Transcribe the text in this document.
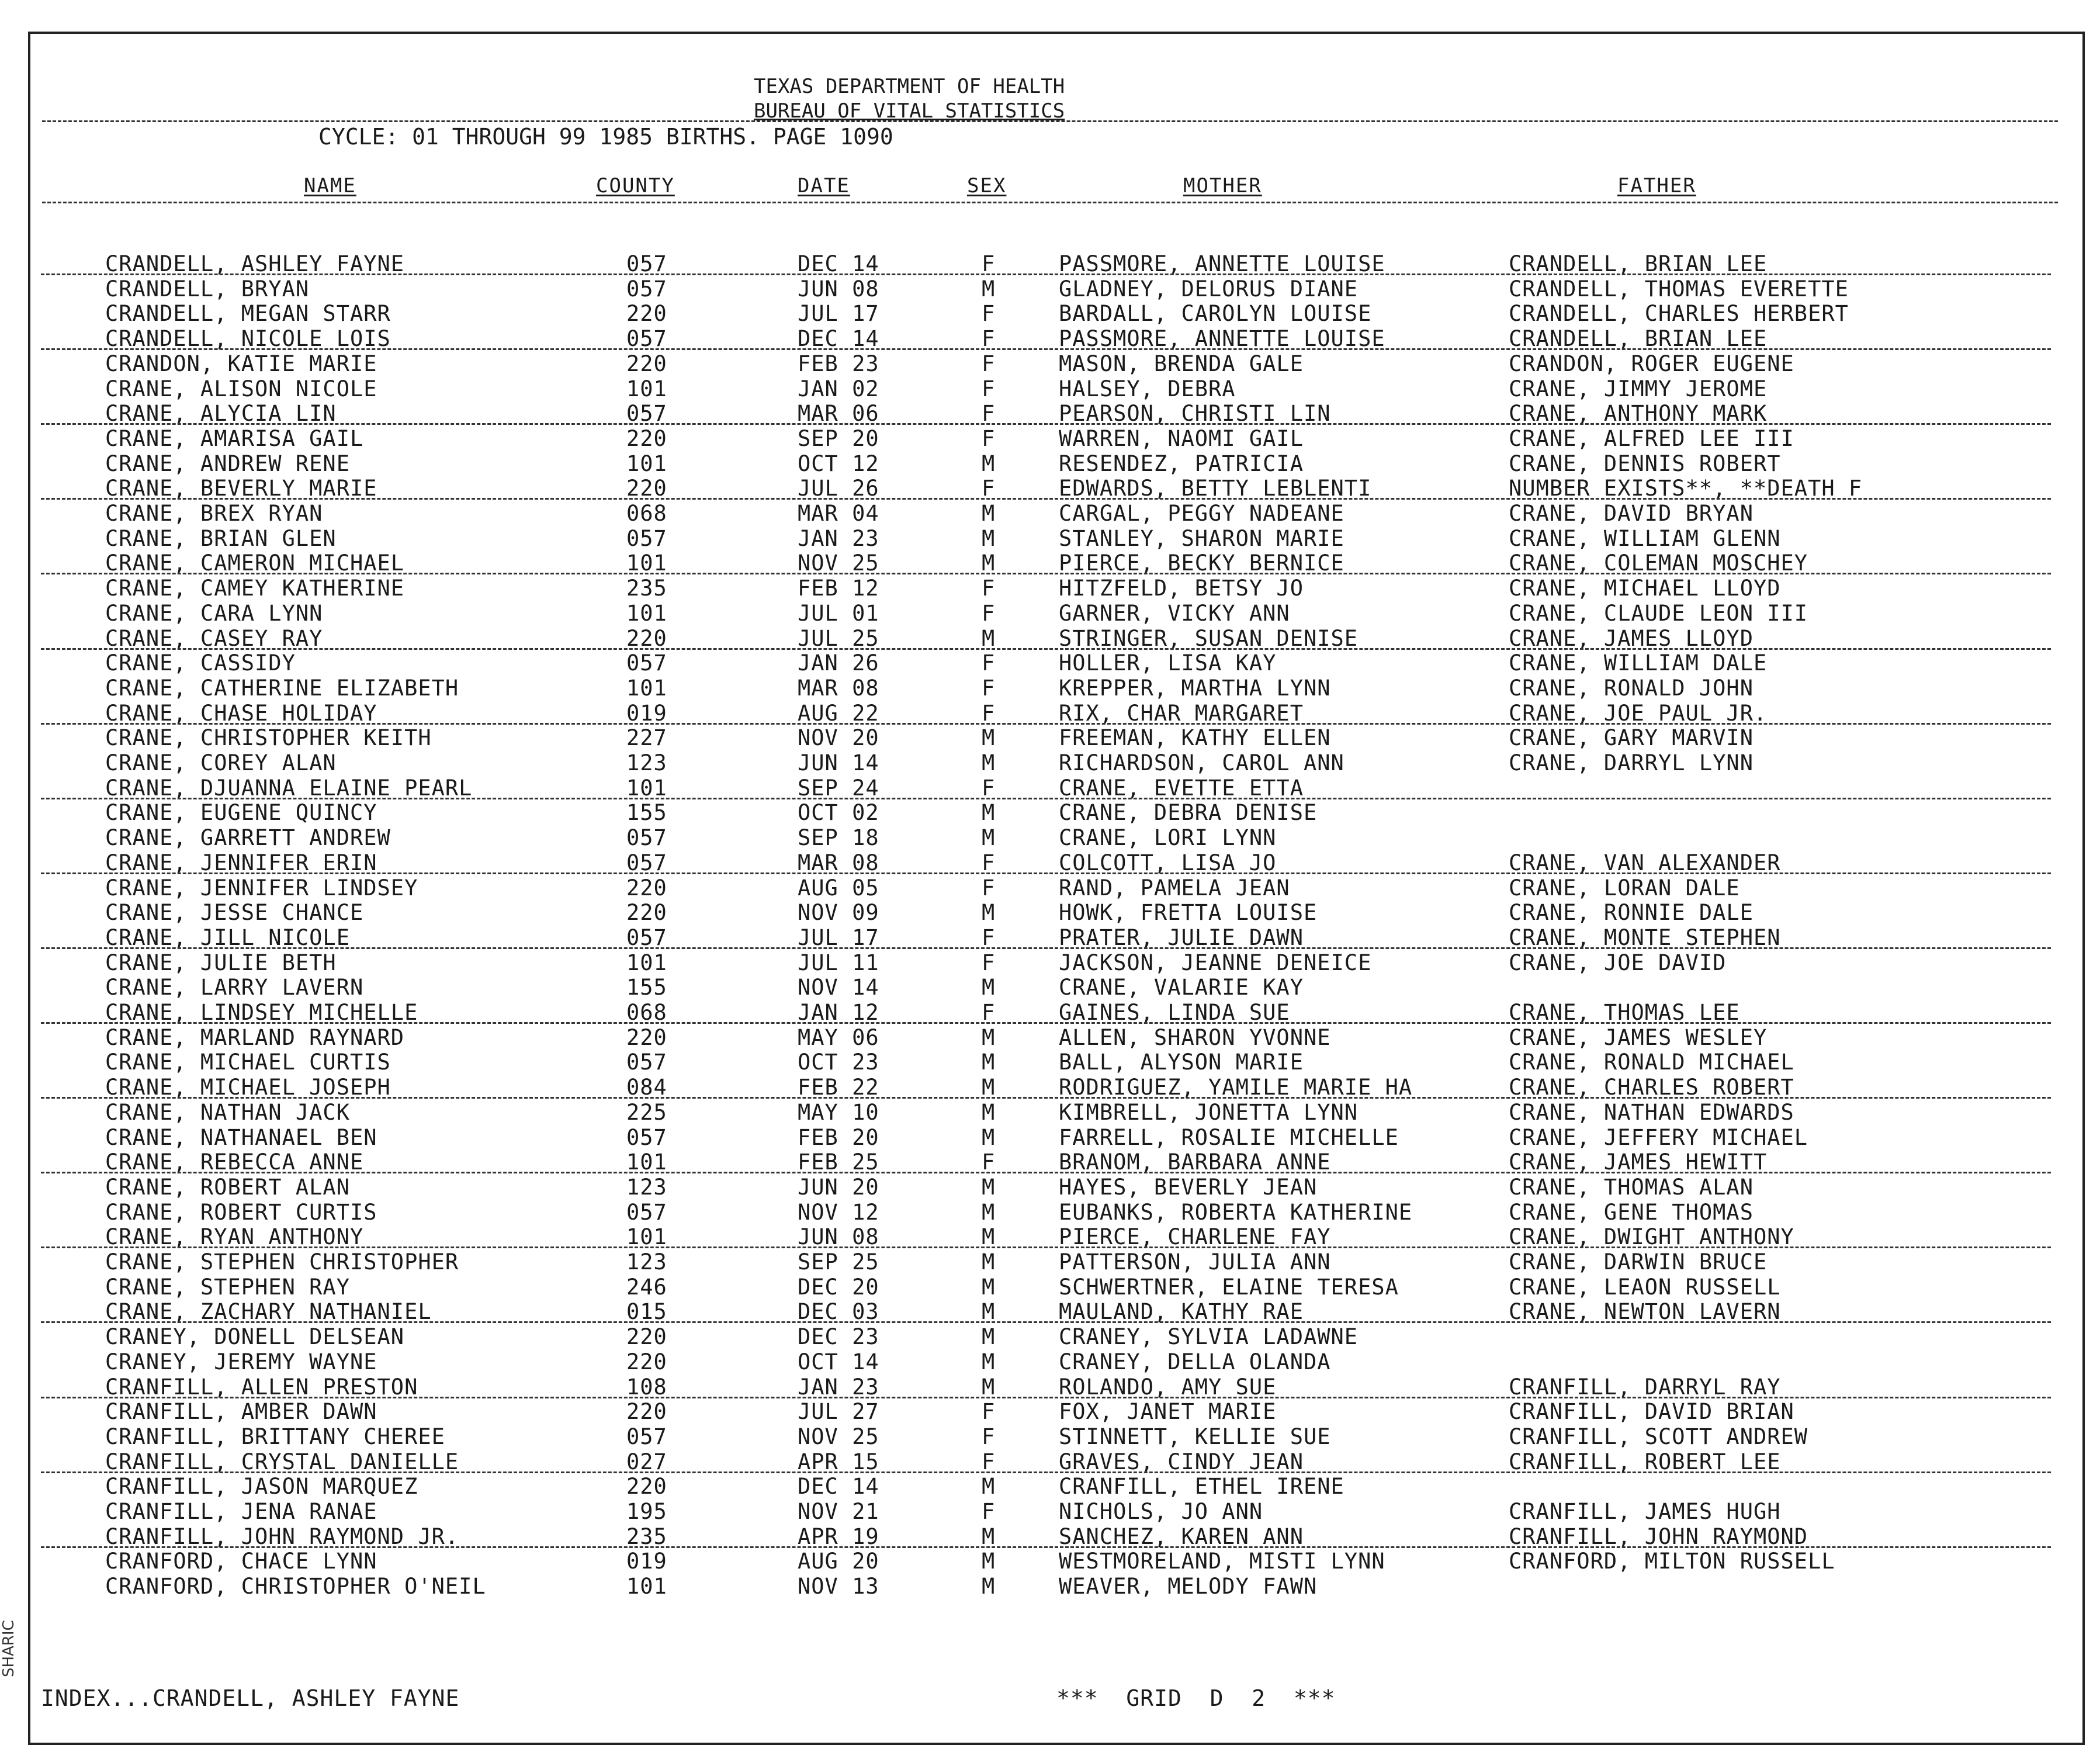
TEXAS DEPARTMENT OF HEALTH
BUREAU OF VITAL STATISTICS
CYCLE: 01 THROUGH 99 1985 BIRTHS. PAGE 1090
NAME	COUNTY	DATE	SEX	MOTHER	FATHER
CRANDELL, ASHLEY FAYNE	057	DEC 14	F	PASSMORE, ANNETTE LOUISE	CRANDELL, BRIAN LEE
CRANDELL, BRYAN	057	JUN 08	M	GLADNEY, DELORUS DIANE	CRANDELL, THOMAS EVERETTE
CRANDELL, MEGAN STARR	220	JUL 17	F	BARDALL, CAROLYN LOUISE	CRANDELL, CHARLES HERBERT
CRANDELL, NICOLE LOIS	057	DEC 14	F	PASSMORE, ANNETTE LOUISE	CRANDELL, BRIAN LEE
CRANDON, KATIE MARIE	220	FEB 23	F	MASON, BRENDA GALE	CRANDON, ROGER EUGENE
CRANE, ALISON NICOLE	101	JAN 02	F	HALSEY, DEBRA	CRANE, JIMMY JEROME
CRANE, ALYCIA LIN	057	MAR 06	F	PEARSON, CHRISTI LIN	CRANE, ANTHONY MARK
CRANE, AMARISA GAIL	220	SEP 20	F	WARREN, NAOMI GAIL	CRANE, ALFRED LEE III
CRANE, ANDREW RENE	101	OCT 12	M	RESENDEZ, PATRICIA	CRANE, DENNIS ROBERT
CRANE, BEVERLY MARIE	220	JUL 26	F	EDWARDS, BETTY LEBLENTI	NUMBER EXISTS**, **DEATH F
CRANE, BREX RYAN	068	MAR 04	M	CARGAL, PEGGY NADEANE	CRANE, DAVID BRYAN
CRANE, BRIAN GLEN	057	JAN 23	M	STANLEY, SHARON MARIE	CRANE, WILLIAM GLENN
CRANE, CAMERON MICHAEL	101	NOV 25	M	PIERCE, BECKY BERNICE	CRANE, COLEMAN MOSCHEY
CRANE, CAMEY KATHERINE	235	FEB 12	F	HITZFELD, BETSY JO	CRANE, MICHAEL LLOYD
CRANE, CARA LYNN	101	JUL 01	F	GARNER, VICKY ANN	CRANE, CLAUDE LEON III
CRANE, CASEY RAY	220	JUL 25	M	STRINGER, SUSAN DENISE	CRANE, JAMES LLOYD
CRANE, CASSIDY	057	JAN 26	F	HOLLER, LISA KAY	CRANE, WILLIAM DALE
CRANE, CATHERINE ELIZABETH	101	MAR 08	F	KREPPER, MARTHA LYNN	CRANE, RONALD JOHN
CRANE, CHASE HOLIDAY	019	AUG 22	F	RIX, CHAR MARGARET	CRANE, JOE PAUL JR.
CRANE, CHRISTOPHER KEITH	227	NOV 20	M	FREEMAN, KATHY ELLEN	CRANE, GARY MARVIN
CRANE, COREY ALAN	123	JUN 14	M	RICHARDSON, CAROL ANN	CRANE, DARRYL LYNN
CRANE, DJUANNA ELAINE PEARL	101	SEP 24	F	CRANE, EVETTE ETTA
CRANE, EUGENE QUINCY	155	OCT 02	M	CRANE, DEBRA DENISE
CRANE, GARRETT ANDREW	057	SEP 18	M	CRANE, LORI LYNN
CRANE, JENNIFER ERIN	057	MAR 08	F	COLCOTT, LISA JO	CRANE, VAN ALEXANDER
CRANE, JENNIFER LINDSEY	220	AUG 05	F	RAND, PAMELA JEAN	CRANE, LORAN DALE
CRANE, JESSE CHANCE	220	NOV 09	M	HOWK, FRETTA LOUISE	CRANE, RONNIE DALE
CRANE, JILL NICOLE	057	JUL 17	F	PRATER, JULIE DAWN	CRANE, MONTE STEPHEN
CRANE, JULIE BETH	101	JUL 11	F	JACKSON, JEANNE DENEICE	CRANE, JOE DAVID
CRANE, LARRY LAVERN	155	NOV 14	M	CRANE, VALARIE KAY
CRANE, LINDSEY MICHELLE	068	JAN 12	F	GAINES, LINDA SUE	CRANE, THOMAS LEE
CRANE, MARLAND RAYNARD	220	MAY 06	M	ALLEN, SHARON YVONNE	CRANE, JAMES WESLEY
CRANE, MICHAEL CURTIS	057	OCT 23	M	BALL, ALYSON MARIE	CRANE, RONALD MICHAEL
CRANE, MICHAEL JOSEPH	084	FEB 22	M	RODRIGUEZ, YAMILE MARIE HA	CRANE, CHARLES ROBERT
CRANE, NATHAN JACK	225	MAY 10	M	KIMBRELL, JONETTA LYNN	CRANE, NATHAN EDWARDS
CRANE, NATHANAEL BEN	057	FEB 20	M	FARRELL, ROSALIE MICHELLE	CRANE, JEFFERY MICHAEL
CRANE, REBECCA ANNE	101	FEB 25	F	BRANOM, BARBARA ANNE	CRANE, JAMES HEWITT
CRANE, ROBERT ALAN	123	JUN 20	M	HAYES, BEVERLY JEAN	CRANE, THOMAS ALAN
CRANE, ROBERT CURTIS	057	NOV 12	M	EUBANKS, ROBERTA KATHERINE	CRANE, GENE THOMAS
CRANE, RYAN ANTHONY	101	JUN 08	M	PIERCE, CHARLENE FAY	CRANE, DWIGHT ANTHONY
CRANE, STEPHEN CHRISTOPHER	123	SEP 25	M	PATTERSON, JULIA ANN	CRANE, DARWIN BRUCE
CRANE, STEPHEN RAY	246	DEC 20	M	SCHWERTNER, ELAINE TERESA	CRANE, LEAON RUSSELL
CRANE, ZACHARY NATHANIEL	015	DEC 03	M	MAULAND, KATHY RAE	CRANE, NEWTON LAVERN
CRANEY, DONELL DELSEAN	220	DEC 23	M	CRANEY, SYLVIA LADAWNE
CRANEY, JEREMY WAYNE	220	OCT 14	M	CRANEY, DELLA OLANDA
CRANFILL, ALLEN PRESTON	108	JAN 23	M	ROLANDO, AMY SUE	CRANFILL, DARRYL RAY
CRANFILL, AMBER DAWN	220	JUL 27	F	FOX, JANET MARIE	CRANFILL, DAVID BRIAN
CRANFILL, BRITTANY CHEREE	057	NOV 25	F	STINNETT, KELLIE SUE	CRANFILL, SCOTT ANDREW
CRANFILL, CRYSTAL DANIELLE	027	APR 15	F	GRAVES, CINDY JEAN	CRANFILL, ROBERT LEE
CRANFILL, JASON MARQUEZ	220	DEC 14	M	CRANFILL, ETHEL IRENE
CRANFILL, JENA RANAE	195	NOV 21	F	NICHOLS, JO ANN	CRANFILL, JAMES HUGH
CRANFILL, JOHN RAYMOND JR.	235	APR 19	M	SANCHEZ, KAREN ANN	CRANFILL, JOHN RAYMOND
CRANFORD, CHACE LYNN	019	AUG 20	M	WESTMORELAND, MISTI LYNN	CRANFORD, MILTON RUSSELL
CRANFORD, CHRISTOPHER O'NEIL	101	NOV 13	M	WEAVER, MELODY FAWN
INDEX...CRANDELL, ASHLEY FAYNE	***  GRID  D  2  ***
SHARIC
